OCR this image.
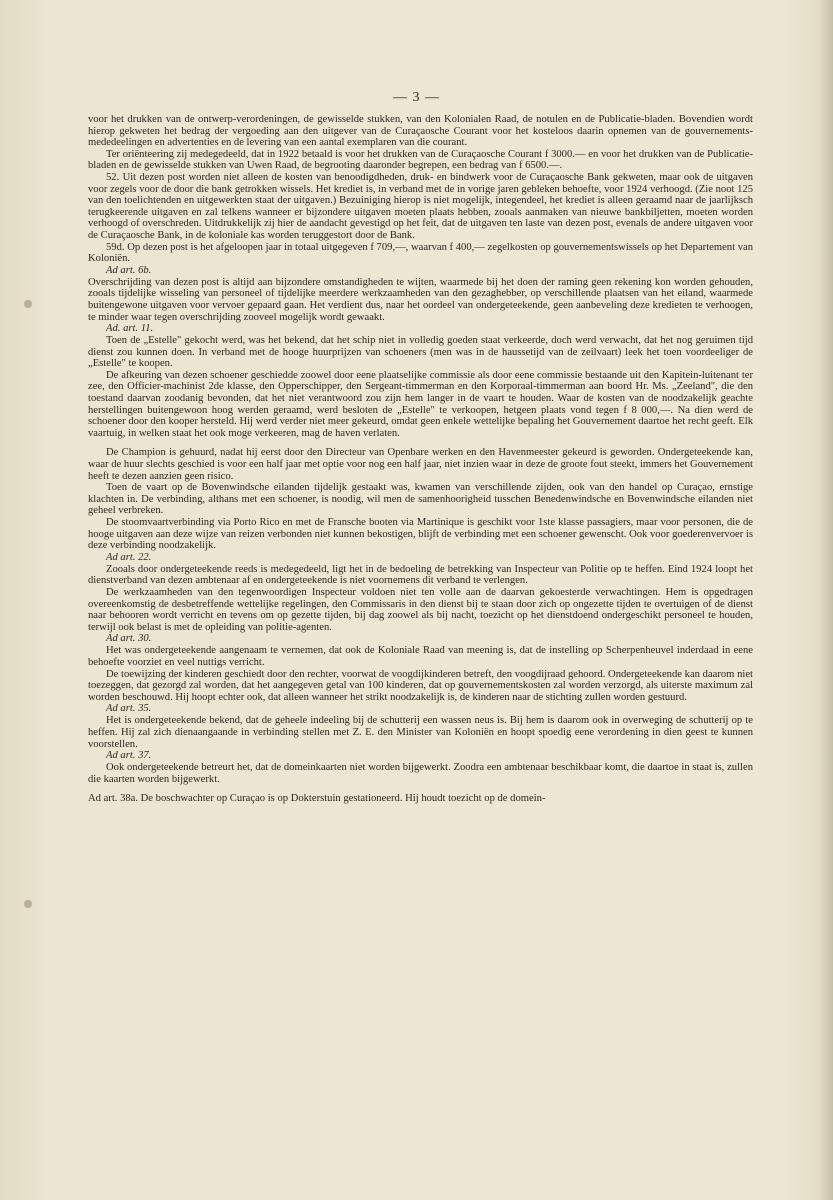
— 3 —

voor het drukken van de ontwerp-verordeningen, de gewisselde stukken, van den Kolonialen Raad, de notulen en de Publicatie-bladen. Bovendien wordt hierop gekweten het bedrag der vergoeding aan den uitgever van de Curaçaosche Courant voor het kosteloos daarin opnemen van de gouvernements-mededeelingen en advertenties en de levering van een aantal exemplaren van die courant.

Ter oriënteering zij medegedeeld, dat in 1922 betaald is voor het drukken van de Curaçaosche Courant f 3000.— en voor het drukken van de Publicatie-bladen en de gewisselde stukken van Uwen Raad, de begrooting daaronder begrepen, een bedrag van f 6500.—.

52. Uit dezen post worden niet alleen de kosten van benoodigdheden, druk- en bindwerk voor de Curaçaosche Bank gekweten, maar ook de uitgaven voor zegels voor de door die bank getrokken wissels. Het krediet is, in verband met de in vorige jaren gebleken behoefte, voor 1924 verhoogd. (Zie noot 125 van den toelichtenden en uitgewerkten staat der uitgaven.) Bezuiniging hierop is niet mogelijk, integendeel, het krediet is alleen geraamd naar de jaarlijksch terugkeerende uitgaven en zal telkens wanneer er bijzondere uitgaven moeten plaats hebben, zooals aanmaken van nieuwe bankbiljetten, moeten worden verhoogd of overschreden. Uitdrukkelijk zij hier de aandacht gevestigd op het feit, dat de uitgaven ten laste van dezen post, evenals de andere uitgaven voor de Curaçaosche Bank, in de koloniale kas worden teruggestort door de Bank.

59d. Op dezen post is het afgeloopen jaar in totaal uitgegeven f 709,—, waarvan f 400,— zegelkosten op gouvernementswissels op het Departement van Koloniën.

Ad art. 6b.

Overschrijding van dezen post is altijd aan bijzondere omstandigheden te wijten, waarmede bij het doen der raming geen rekening kon worden gehouden, zooals tijdelijke wisseling van personeel of tijdelijke meerdere werkzaamheden van den gezaghebber, op verschillende plaatsen van het eiland, waarmede buitengewone uitgaven voor vervoer gepaard gaan. Het verdient dus, naar het oordeel van ondergeteekende, geen aanbeveling deze kredieten te verhoogen, te minder waar tegen overschrijding zooveel mogelijk wordt gewaakt.

Ad. art. 11.

Toen de „Estelle" gekocht werd, was het bekend, dat het schip niet in volledig goeden staat verkeerde, doch werd verwacht, dat het nog geruimen tijd dienst zou kunnen doen. In verband met de hooge huurprijzen van schoeners (men was in de haussetijd van de zeilvaart) leek het toen voordeeliger de „Estelle" te koopen.

De afkeuring van dezen schoener geschiedde zoowel door eene plaatselijke commissie als door eene commissie bestaande uit den Kapitein-luitenant ter zee, den Officier-machinist 2de klasse, den Opperschipper, den Sergeant-timmerman en den Korporaal-timmerman aan boord Hr. Ms. „Zeeland", die den toestand daarvan zoodanig bevonden, dat het niet verantwoord zou zijn hem langer in de vaart te houden. Waar de kosten van de noodzakelijk geachte herstellingen buitengewoon hoog werden geraamd, werd besloten de „Estelle" te verkoopen, hetgeen plaats vond tegen f 8 000,—. Na dien werd de schoener door den kooper hersteld. Hij werd verder niet meer gekeurd, omdat geen enkele wettelijke bepaling het Gouvernement daartoe het recht geeft. Elk vaartuig, in welken staat het ook moge verkeeren, mag de haven verlaten.

De Champion is gehuurd, nadat hij eerst door den Directeur van Openbare werken en den Havenmeester gekeurd is geworden. Ondergeteekende kan, waar de huur slechts geschied is voor een half jaar met optie voor nog een half jaar, niet inzien waar in deze de groote fout steekt, immers het Gouvernement heeft te dezen aanzien geen risico.

Toen de vaart op de Bovenwindsche eilanden tijdelijk gestaakt was, kwamen van verschillende zijden, ook van den handel op Curaçao, ernstige klachten in. De verbinding, althans met een schoener, is noodig, wil men de samenhoorigheid tusschen Benedenwindsche en Bovenwindsche eilanden niet geheel verbreken.

De stoomvaartverbinding via Porto Rico en met de Fransche booten via Martinique is geschikt voor 1ste klasse passagiers, maar voor personen, die de hooge uitgaven aan deze wijze van reizen verbonden niet kunnen bekostigen, blijft de verbinding met een schoener gewenscht. Ook voor goederenvervoer is deze verbinding noodzakelijk.

Ad art. 22.

Zooals door ondergeteekende reeds is medegedeeld, ligt het in de bedoeling de betrekking van Inspecteur van Politie op te heffen. Eind 1924 loopt het dienstverband van dezen ambtenaar af en ondergeteekende is niet voornemens dit verband te verlengen.

De werkzaamheden van den tegenwoordigen Inspecteur voldoen niet ten volle aan de daarvan gekoesterde verwachtingen. Hem is opgedragen overeenkomstig de desbetreffende wettelijke regelingen, den Commissaris in den dienst bij te staan door zich op ongezette tijden te overtuigen of de dienst naar behooren wordt verricht en tevens om op gezette tijden, bij dag zoowel als bij nacht, toezicht op het dienstdoend ondergeschikt personeel te houden, terwijl ook belast is met de opleiding van politie-agenten.

Ad art. 30.

Het was ondergeteekende aangenaam te vernemen, dat ook de Koloniale Raad van meening is, dat de instelling op Scherpenheuvel inderdaad in eene behoefte voorziet en veel nuttigs verricht.

De toewijzing der kinderen geschiedt door den rechter, voorwat de voogdijkinderen betreft, den voogdijraad gehoord. Ondergeteekende kan daarom niet toezeggen, dat gezorgd zal worden, dat het aangegeven getal van 100 kinderen, dat op gouvernementskosten zal worden verzorgd, als uiterste maximum zal worden beschouwd. Hij hoopt echter ook, dat alleen wanneer het strikt noodzakelijk is, de kinderen naar de stichting zullen worden gestuurd.

Ad art. 35.

Het is ondergeteekende bekend, dat de geheele indeeling bij de schutterij een wassen neus is. Bij hem is daarom ook in overweging de schutterij op te heffen. Hij zal zich dienaangaande in verbinding stellen met Z. E. den Minister van Koloniën en hoopt spoedig eene verordening in dien geest te kunnen voorstellen.

Ad art. 37.

Ook ondergeteekende betreurt het, dat de domeinkaarten niet worden bijgewerkt. Zoodra een ambtenaar beschikbaar komt, die daartoe in staat is, zullen die kaarten worden bijgewerkt.

Ad art. 38a. De boschwachter op Curaçao is op Dokterstuin gestationeerd. Hij houdt toezicht op de domein-
